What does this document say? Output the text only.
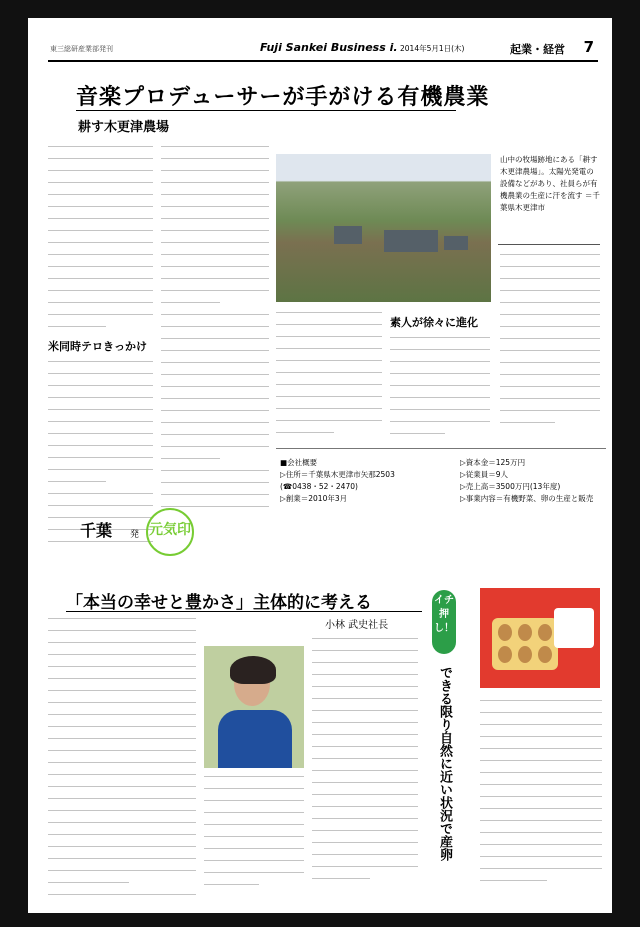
東三総研産業部発刊	Fuji Sankei Business i. 2014年5月1日(木)	起業・経営 7
音楽プロデューサーが手がける有機農業
耕す木更津農場
米同時テロきっかけ
山中の牧場跡地にある「耕す木更津農場」。太陽光発電の設備などがあり、社員らが有機農業の生産に汗を流す ＝千葉県木更津市
素人が徐々に進化
■会社概要
▷住所＝千葉県木更津市矢那2503
(☎0438・52・2470)
▷創業＝2010年3月
▷資本金＝125万円
▷従業員＝9人
▷売上高＝3500万円(13年度)
▷事業内容＝有機野菜、卵の生産と販売
千葉 発 元気印
「本当の幸せと豊かさ」主体的に考える
小林 武史社長
イチ押し！
できる限り自然に近い状況で産卵
